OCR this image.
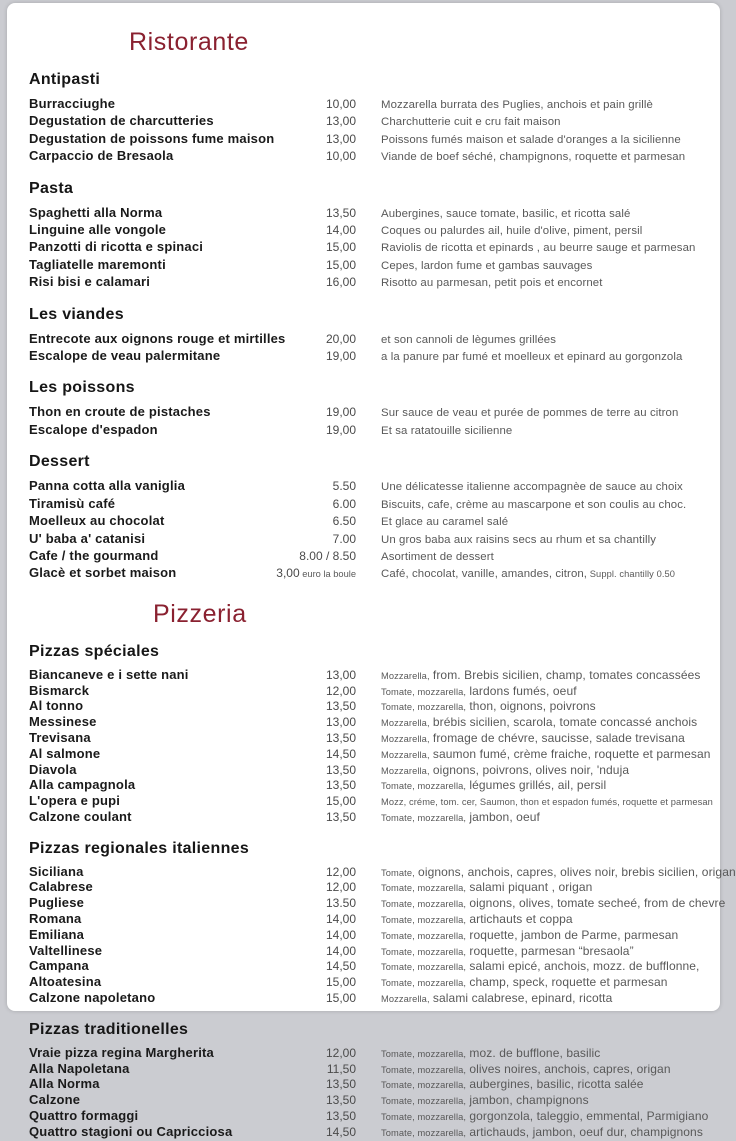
Ristorante
Antipasti
Burracciughe	10,00 Mozzarella burrata des Puglies, anchois et pain grillè
Degustation de charcutteries	13,00 Charchutterie cuit e cru fait maison
Degustation de poissons fume maison	13,00 Poissons fumés maison et salade d'oranges a la sicilienne
Carpaccio de Bresaola	10,00 Viande de boef séché, champignons, roquette et parmesan
Pasta
Spaghetti alla Norma	13,50 Aubergines, sauce tomate, basilic, et ricotta salé
Linguine alle vongole	14,00 Coques ou palurdes ail, huile d'olive, piment, persil
Panzotti di ricotta e spinaci	15,00 Raviolis de ricotta et epinards , au beurre sauge et parmesan
Tagliatelle maremonti	15,00 Cepes, lardon fume et gambas sauvages
Risi bisi e calamari	16,00 Risotto au parmesan, petit pois et encornet
Les viandes
Entrecote aux oignons rouge et mirtilles	20,00 et son cannoli de lègumes grillées
Escalope de veau palermitane	19,00 a la panure par fumé et moelleux et epinard au gorgonzola
Les poissons
Thon en croute de pistaches	19,00 Sur sauce de veau et purée de pommes de terre au citron
Escalope d'espadon	19,00 Et sa ratatouille sicilienne
Dessert
Panna cotta alla vaniglia	5.50 Une délicatesse italienne accompagnèe de sauce au choix
Tiramisù café	6.00 Biscuits, cafe, crème au mascarpone et son coulis au choc.
Moelleux au chocolat	6.50 Et glace au caramel salé
U' baba a' catanisi	7.00 Un gros baba aux raisins secs au rhum et sa chantilly
Cafe / the gourmand	8.00 / 8.50 Asortiment de dessert
Glacè et sorbet maison	3,00 euro la boule Café, chocolat, vanille, amandes, citron, Suppl. chantilly 0.50
Pizzeria
Pizzas spéciales
Biancaneve e i sette nani	13,00	Mozzarella, from. Brebis sicilien, champ, tomates concassées
Bismarck	12,00	Tomate, mozzarella, lardons fumés, oeuf
Al tonno	13,50	Tomate, mozzarella, thon, oignons, poivrons
Messinese	13,00	Mozzarella, brébis sicilien, scarola, tomate concassé anchois
Trevisana	13,50	Mozzarella, fromage de chévre, saucisse, salade trevisana
Al salmone	14,50	Mozzarella, saumon fumé, crème fraiche, roquette et parmesan
Diavola	13,50	Mozzarella, oignons, poivrons, olives noir, 'nduja
Alla campagnola	13,50	Tomate, mozzarella, légumes grillés, ail, persil
L'opera e pupi	15,00	Mozz, créme, tom. cer, Saumon, thon et espadon fumés, roquette et parmesan
Calzone coulant	13,50	Tomate, mozzarella, jambon, oeuf
Pizzas regionales italiennes
Siciliana	12,00	Tomate, oignons, anchois, capres, olives noir, brebis sicilien, origan
Calabrese	12,00	Tomate, mozzarella, salami piquant , origan
Pugliese	13.50	Tomate, mozzarella, oignons, olives, tomate secheé, from de chevre
Romana	14,00	Tomate, mozzarella, artichauts et coppa
Emiliana	14,00	Tomate, mozzarella, roquette, jambon de Parme, parmesan
Valtellinese	14,00	Tomate, mozzarella, roquette, parmesan “bresaola”
Campana	14,50	Tomate, mozzarella, salami epicé, anchois, mozz. de bufflonne,
Altoatesina	15,00	Tomate, mozzarella, champ, speck, roquette et parmesan
Calzone napoletano	15,00	Mozzarella, salami calabrese, epinard, ricotta
Pizzas traditionelles
Vraie pizza regina Margherita	12,00	Tomate, mozzarella, moz. de bufflone, basilic
Alla Napoletana	11,50	Tomate, mozzarella, olives noires, anchois, capres, origan
Alla Norma	13,50	Tomate, mozzarella, aubergines, basilic, ricotta salée
Calzone	13,50	Tomate, mozzarella, jambon, champignons
Quattro formaggi	13,50	Tomate, mozzarella, gorgonzola, taleggio, emmental, Parmigiano
Quattro stagioni ou Capricciosa	14,50	Tomate, mozzarella, artichauds, jambon, oeuf dur, champignons
